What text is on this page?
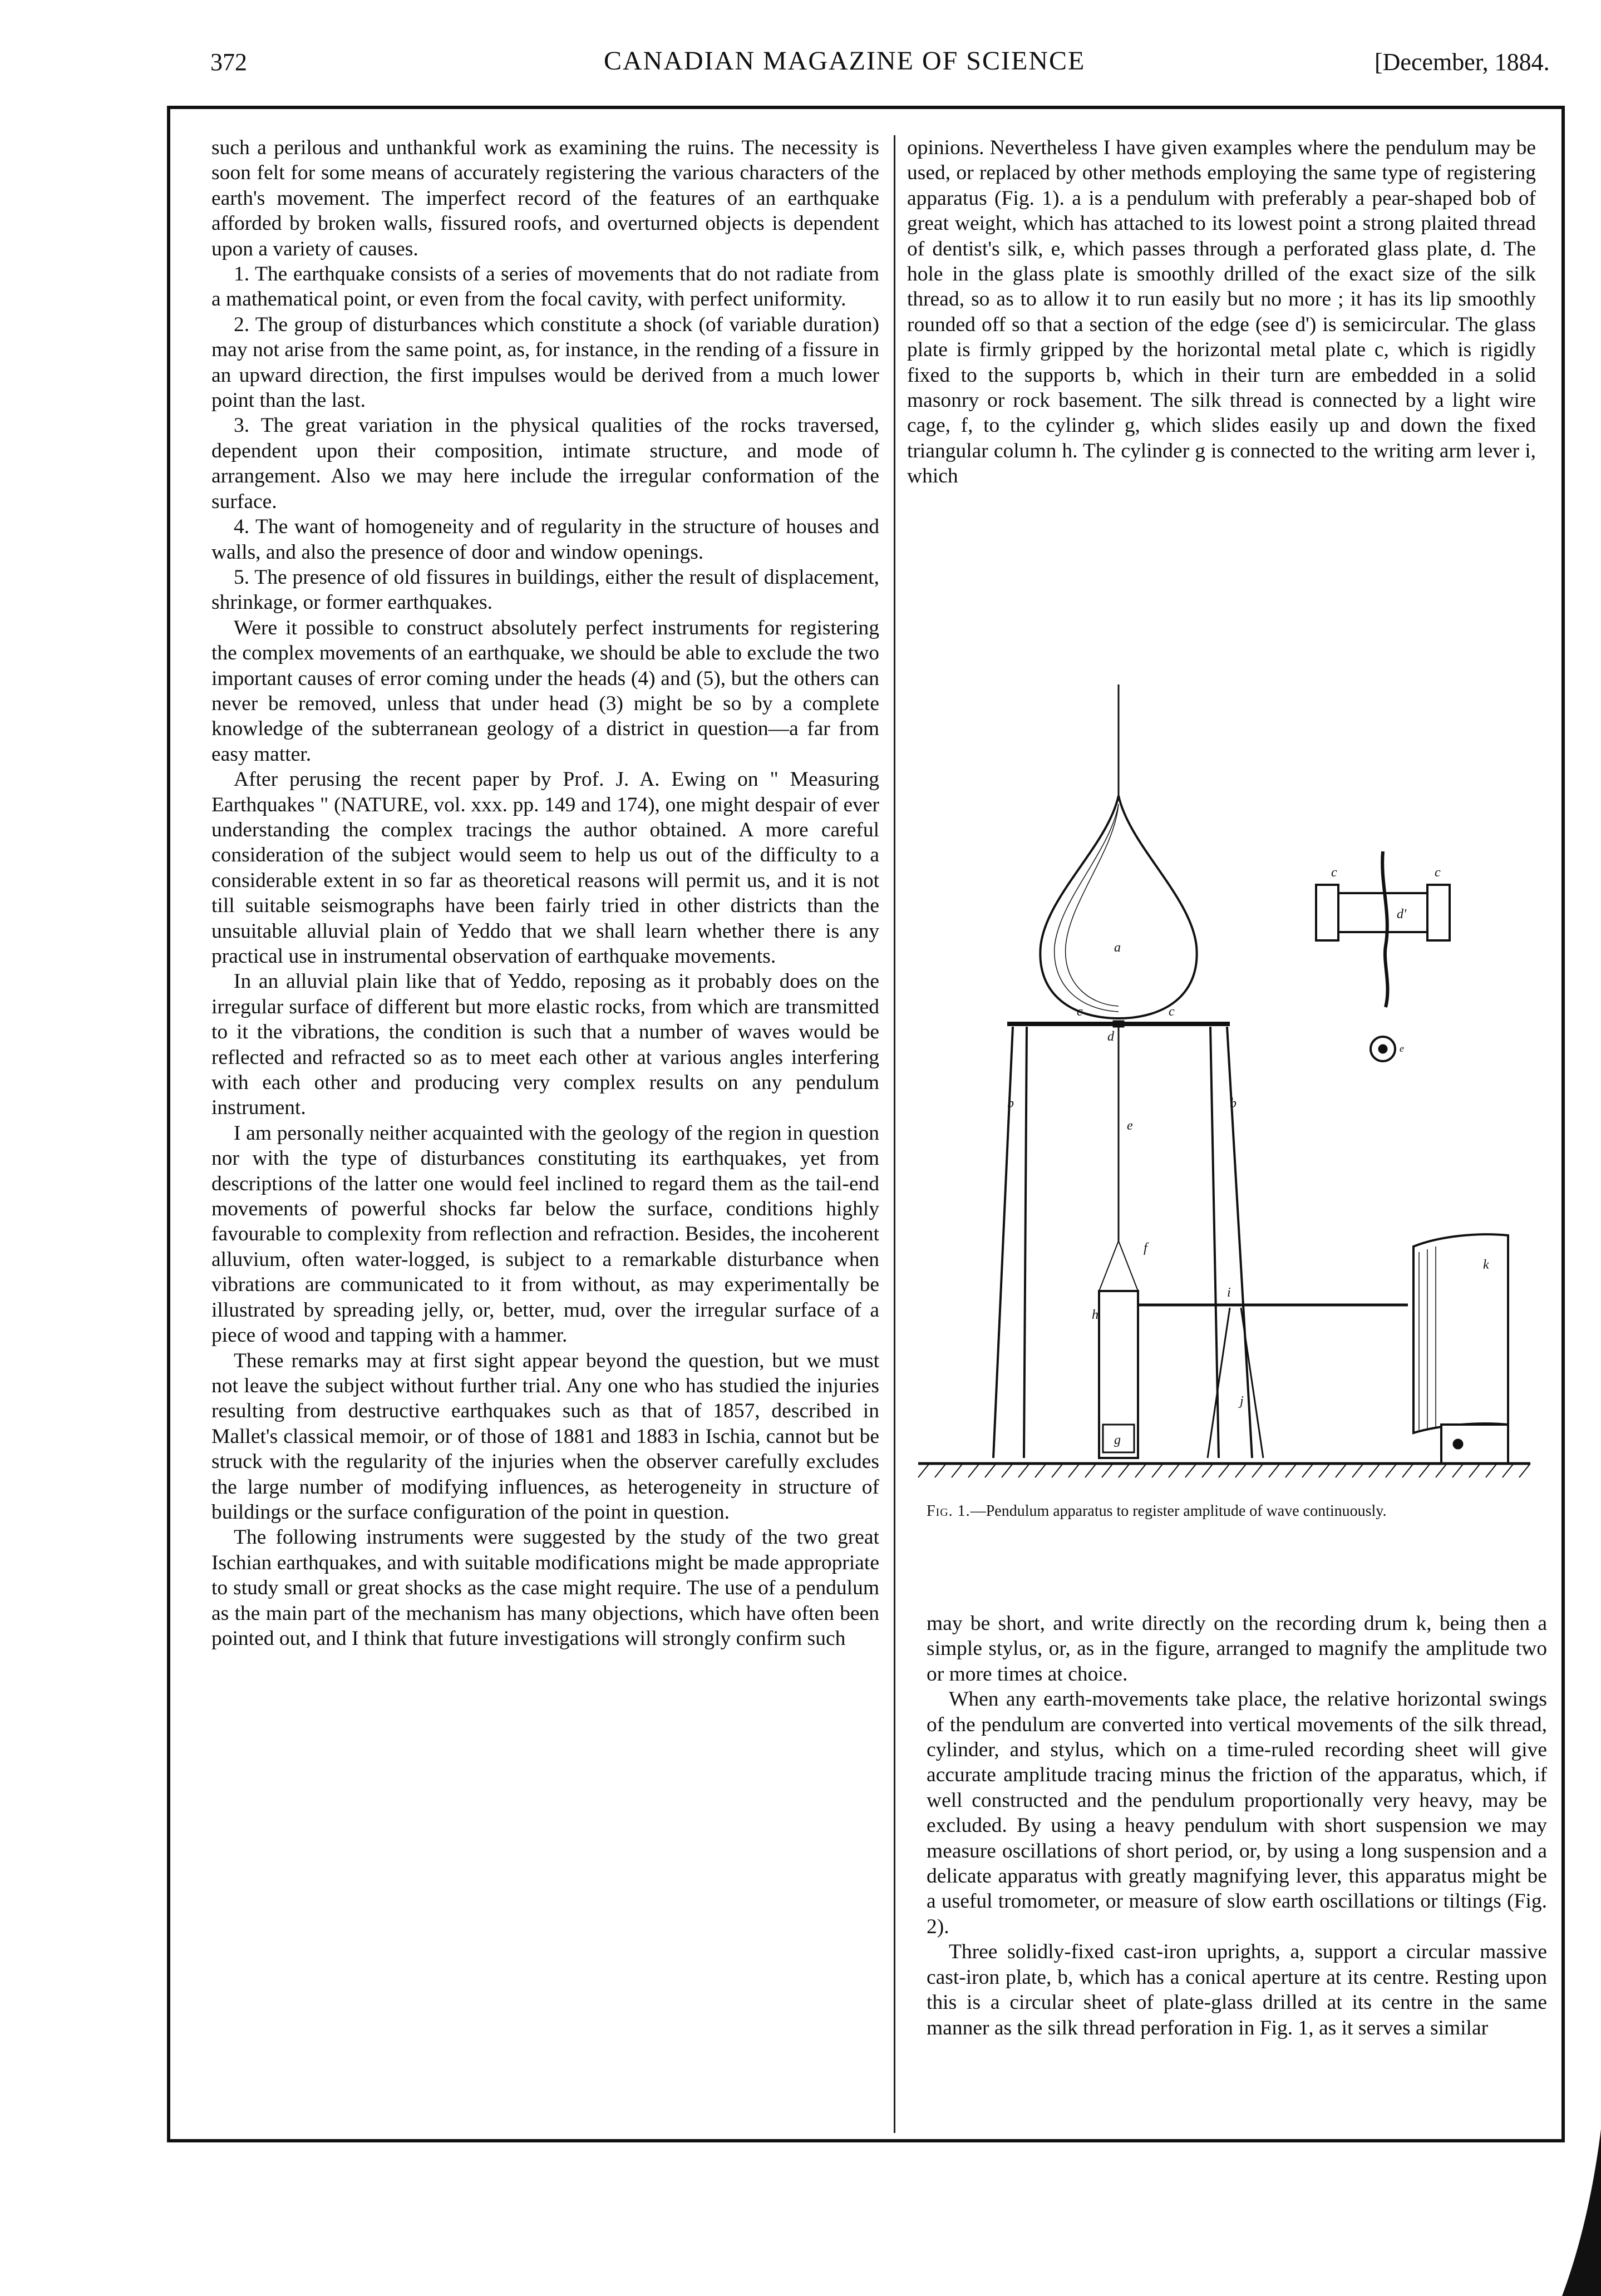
372	CANADIAN MAGAZINE OF SCIENCE	[December, 1884.

such a perilous and unthankful work as examining the ruins. The necessity is soon felt for some means of accurately registering the various characters of the earth's movement. The imperfect record of the features of an earthquake afforded by broken walls, fissured roofs, and overturned objects is dependent upon a variety of causes.

1. The earthquake consists of a series of movements that do not radiate from a mathematical point, or even from the focal cavity, with perfect uniformity.

2. The group of disturbances which constitute a shock (of variable duration) may not arise from the same point, as, for instance, in the rending of a fissure in an upward direction, the first impulses would be derived from a much lower point than the last.

3. The great variation in the physical qualities of the rocks traversed, dependent upon their composition, intimate structure, and mode of arrangement. Also we may here include the irregular conformation of the surface.

4. The want of homogeneity and of regularity in the structure of houses and walls, and also the presence of door and window openings.

5. The presence of old fissures in buildings, either the result of displacement, shrinkage, or former earthquakes.

Were it possible to construct absolutely perfect instruments for registering the complex movements of an earthquake, we should be able to exclude the two important causes of error coming under the heads (4) and (5), but the others can never be removed, unless that under head (3) might be so by a complete knowledge of the subterranean geology of a district in question—a far from easy matter.

After perusing the recent paper by Prof. J. A. Ewing on " Measuring Earthquakes " (NATURE, vol. xxx. pp. 149 and 174), one might despair of ever understanding the complex tracings the author obtained. A more careful consideration of the subject would seem to help us out of the difficulty to a considerable extent in so far as theoretical reasons will permit us, and it is not till suitable seismographs have been fairly tried in other districts than the unsuitable alluvial plain of Yeddo that we shall learn whether there is any practical use in instrumental observation of earthquake movements.

In an alluvial plain like that of Yeddo, reposing as it probably does on the irregular surface of different but more elastic rocks, from which are transmitted to it the vibrations, the condition is such that a number of waves would be reflected and refracted so as to meet each other at various angles interfering with each other and producing very complex results on any pendulum instrument.

I am personally neither acquainted with the geology of the region in question nor with the type of disturbances constituting its earthquakes, yet from descriptions of the latter one would feel inclined to regard them as the tail-end movements of powerful shocks far below the surface, conditions highly favourable to complexity from reflection and refraction. Besides, the incoherent alluvium, often water-logged, is subject to a remarkable disturbance when vibrations are communicated to it from without, as may experimentally be illustrated by spreading jelly, or, better, mud, over the irregular surface of a piece of wood and tapping with a hammer.

These remarks may at first sight appear beyond the question, but we must not leave the subject without further trial. Any one who has studied the injuries resulting from destructive earthquakes such as that of 1857, described in Mallet's classical memoir, or of those of 1881 and 1883 in Ischia, cannot but be struck with the regularity of the injuries when the observer carefully excludes the large number of modifying influences, as heterogeneity in structure of buildings or the surface configuration of the point in question.

The following instruments were suggested by the study of the two great Ischian earthquakes, and with suitable modifications might be made appropriate to study small or great shocks as the case might require. The use of a pendulum as the main part of the mechanism has many objections, which have often been pointed out, and I think that future investigations will strongly confirm such

opinions. Nevertheless I have given examples where the pendulum may be used, or replaced by other methods employing the same type of registering apparatus (Fig. 1). a is a pendulum with preferably a pear-shaped bob of great weight, which has attached to its lowest point a strong plaited thread of dentist's silk, e, which passes through a perforated glass plate, d. The hole in the glass plate is smoothly drilled of the exact size of the silk thread, so as to allow it to run easily but no more ; it has its lip smoothly rounded off so that a section of the edge (see d') is semicircular. The glass plate is firmly gripped by the horizontal metal plate c, which is rigidly fixed to the supports b, which in their turn are embedded in a solid masonry or rock basement. The silk thread is connected by a light wire cage, f, to the cylinder g, which slides easily up and down the fixed triangular column h. The cylinder g is connected to the writing arm lever i, which

a
c	c
d
b	b
e
f
g
h
i
j
k
c	c
d'
e
Fig. 1.—Pendulum apparatus to register amplitude of wave continuously.

may be short, and write directly on the recording drum k, being then a simple stylus, or, as in the figure, arranged to magnify the amplitude two or more times at choice.

When any earth-movements take place, the relative horizontal swings of the pendulum are converted into vertical movements of the silk thread, cylinder, and stylus, which on a time-ruled recording sheet will give accurate amplitude tracing minus the friction of the apparatus, which, if well constructed and the pendulum proportionally very heavy, may be excluded. By using a heavy pendulum with short suspension we may measure oscillations of short period, or, by using a long suspension and a delicate apparatus with greatly magnifying lever, this apparatus might be a useful tromometer, or measure of slow earth oscillations or tiltings (Fig. 2).

Three solidly-fixed cast-iron uprights, a, support a circular massive cast-iron plate, b, which has a conical aperture at its centre. Resting upon this is a circular sheet of plate-glass drilled at its centre in the same manner as the silk thread perforation in Fig. 1, as it serves a similar
